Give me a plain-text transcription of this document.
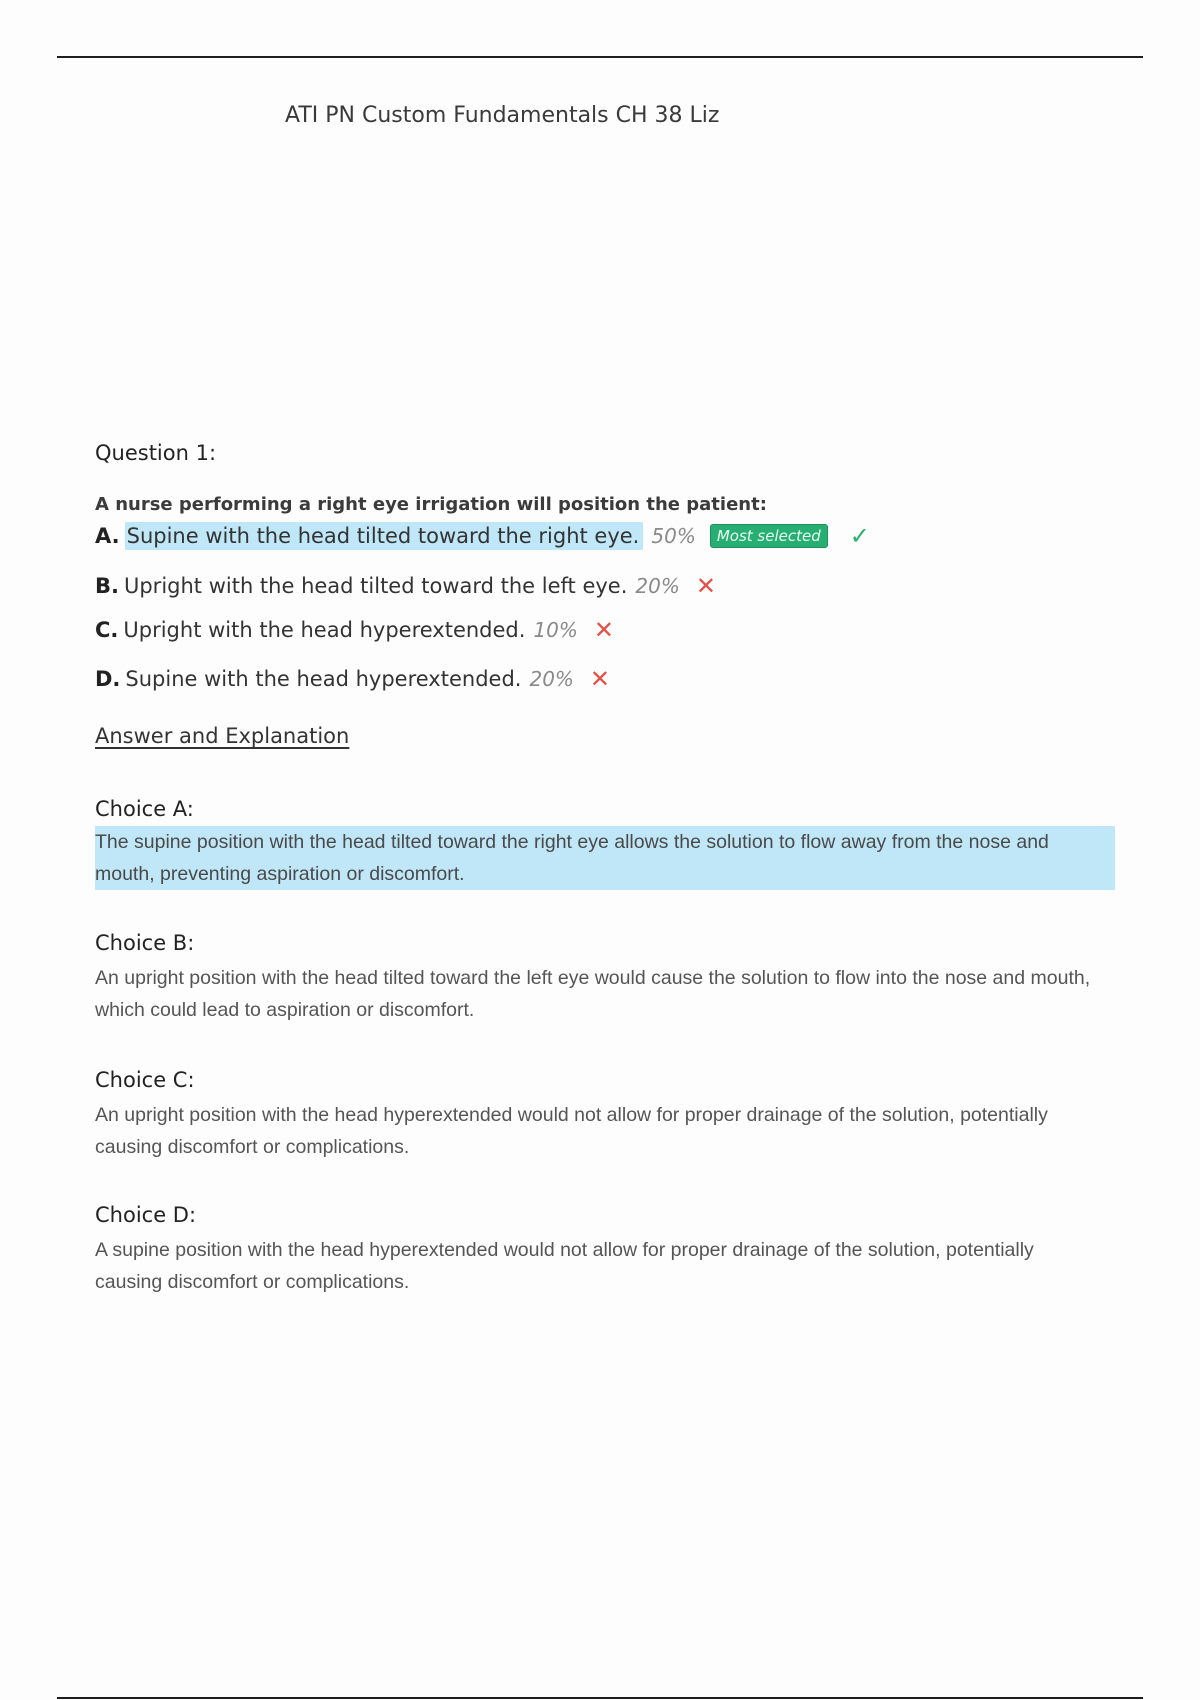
ATI PN Custom Fundamentals CH 38 Liz
Question 1:
A nurse performing a right eye irrigation will position the patient:
A. Supine with the head tilted toward the right eye. 50%	Most selected ✓
B. Upright with the head tilted toward the left eye. 20% ✕
C. Upright with the head hyperextended. 10% ✕
D. Supine with the head hyperextended. 20% ✕
Answer and Explanation
Choice A:

The supine position with the head tilted toward the right eye allows the solution to flow away from the nose and mouth, preventing aspiration or discomfort.

Choice B:

An upright position with the head tilted toward the left eye would cause the solution to flow into the nose and mouth, which could lead to aspiration or discomfort.

Choice C:

An upright position with the head hyperextended would not allow for proper drainage of the solution, potentially causing discomfort or complications.

Choice D:

A supine position with the head hyperextended would not allow for proper drainage of the solution, potentially causing discomfort or complications.
